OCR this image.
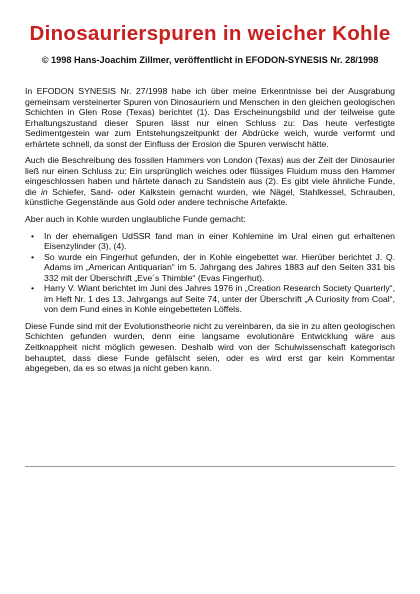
Dinosaurierspuren in weicher Kohle
© 1998 Hans-Joachim Zillmer, veröffentlicht in EFODON-SYNESIS Nr. 28/1998

In EFODON SYNESIS Nr. 27/1998 habe ich über meine Erkenntnisse bei der Ausgrabung gemeinsam versteinerter Spuren von Dinosauriern und Menschen in den gleichen geologischen Schichten in Glen Rose (Texas) berichtet (1). Das Erscheinungsbild und der teilweise gute Erhaltungszustand dieser Spuren lässt nur einen Schluss zu: Das heute verfestigte Sedimentgestein war zum Entstehungszeitpunkt der Abdrücke weich, wurde verformt und erhärtete schnell, da sonst der Einfluss der Erosion die Spuren verwischt hätte.

Auch die Beschreibung des fossilen Hammers von London (Texas) aus der Zeit der Dinosaurier ließ nur einen Schluss zu: Ein ursprünglich weiches oder flüssiges Fluidum muss den Hammer eingeschlossen haben und härtete danach zu Sandstein aus (2). Es gibt viele ähnliche Funde, die in Schiefer, Sand- oder Kalkstein gemacht wurden, wie Nägel, Stahlkessel, Schrauben, künstliche Gegenstände aus Gold oder andere technische Artefakte.

Aber auch in Kohle wurden unglaubliche Funde gemacht:

• In der ehemaligen UdSSR fand man in einer Kohlemine im Ural einen gut erhaltenen Eisenzylinder (3), (4).
• So wurde ein Fingerhut gefunden, der in Kohle eingebettet war. Hierüber berichtet J. Q. Adams im „American Antiquarian“ im 5. Jahrgang des Jahres 1883 auf den Seiten 331 bis 332 mit der Überschrift „Eve´s Thimble“ (Evas Fingerhut).
• Harry V. Wiant berichtet im Juni des Jahres 1976 in „Creation Research Society Quarterly“, im Heft Nr. 1 des 13. Jahrgangs auf Seite 74, unter der Überschrift „A Curiosity from Coal“, von dem Fund eines in Kohle eingebetteten Löffels.

Diese Funde sind mit der Evolutionstheorie nicht zu vereinbaren, da sie in zu alten geologischen Schichten gefunden wurden, denn eine langsame evolutionäre Entwicklung wäre aus Zeitknappheit nicht möglich gewesen. Deshalb wird von der Schulwissenschaft kategorisch behauptet, dass diese Funde gefälscht seien, oder es wird erst gar kein Kommentar abgegeben, da es so etwas ja nicht geben kann.
